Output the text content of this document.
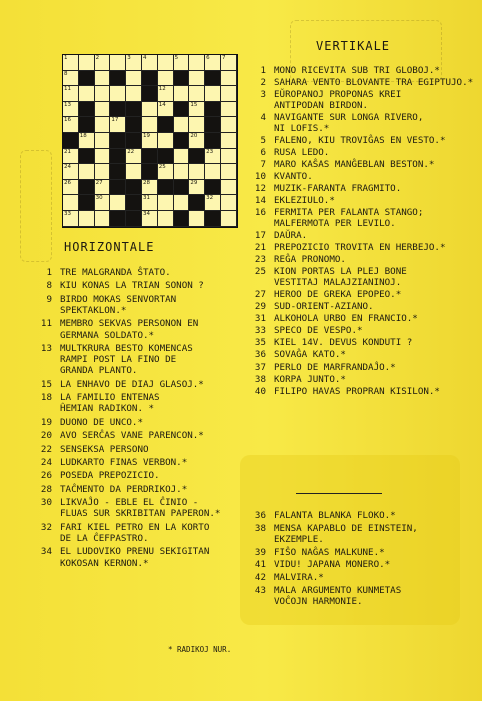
1	2	3 4	5	6 7
8
11	12
13	14	15
16	17
18	19	20
21	22	23
24	25
26	27	28	29
30	31	32
33	34
HORIZONTALE
VERTIKALE
1 TRE MALGRANDA ŜTATO.
8 KIU KONAS LA TRIAN SONON ?
9 BIRDO MOKAS SENVORTAN
SPEKTAKLON.*
11 MEMBRO SEKVAS PERSONON EN
GERMANA SOLDATO.*
13 MULTKRURA BESTO KOMENCAS
RAMPI POST LA FINO DE
GRANDA PLANTO.
15 LA ENHAVO DE DIAJ GLASOJ.*
18 LA FAMILIO ENTENAS
ĤEMIAN RADIKON. *
19 DUONO DE UNCO.*
20 AVO SERĈAS VANE PARENCON.*
22 SENSEKSA PERSONO
24 LUDKARTO FINAS VERBON.*
26 POSEDA PREPOZICIO.
28 TAĈMENTO DA PERDRIKOJ.*
30 LIKVAĴO - EBLE EL ĈINIO -
FLUAS SUR SKRIBITAN PAPERON.*
32 FARI KIEL PETRO EN LA KORTO
DE LA ĈEFPASTRO.
34 EL LUDOVIKO PRENU SEKIGITAN
KOKOSAN KERNON.*
1 MONO RICEVITA SUB TRI GLOBOJ.*
2 SAHARA VENTO BLOVANTE TRA EGIPTUJO.*
3 EŬROPANOJ PROPONAS KREI
ANTIPODAN BIRDON.
4 NAVIGANTE SUR LONGA RIVERO,
NI LOFIS.*
5 FALENO, KIU TROVIĜAS EN VESTO.*
6 RUSA LEDO.
7 MARO KAŜAS MANĜEBLAN BESTON.*
10 KVANTO.
12 MUZIK-FARANTA FRAGMITO.
14 EKLEZIULO.*
16 FERMITA PER FALANTA STANGO;
MALFERMOTA PER LEVILO.
17 DAŬRA.
21 PREPOZICIO TROVITA EN HERBEJO.*
23 REĜA PRONOMO.
25 KION PORTAS LA PLEJ BONE
VESTITAJ MALAJZIANINOJ.
27 HEROO DE GREKA EPOPEO.*
29 SUD-ORIENT-AZIANO.
31 ALKOHOLA URBO EN FRANCIO.*
33 SPECO DE VESPO.*
35 KIEL 14V. DEVUS KONDUTI ?
36 SOVAĜA KATO.*
37 PERLO DE MARFRANDAĴO.*
38 KORPA JUNTO.*
40 FILIPO HAVAS PROPRAN KISILON.*
36 FALANTA BLANKA FLOKO.*
38 MENSA KAPABLO DE EINSTEIN,
EKZEMPLE.
39 FIŜO NAĜAS MALKUNE.*
41 VIDU! JAPANA MONERO.*
42 MALVIRA.*
43 MALA ARGUMENTO KUNMETAS
VOĈOJN HARMONIE.
* RADIKOJ NUR.
